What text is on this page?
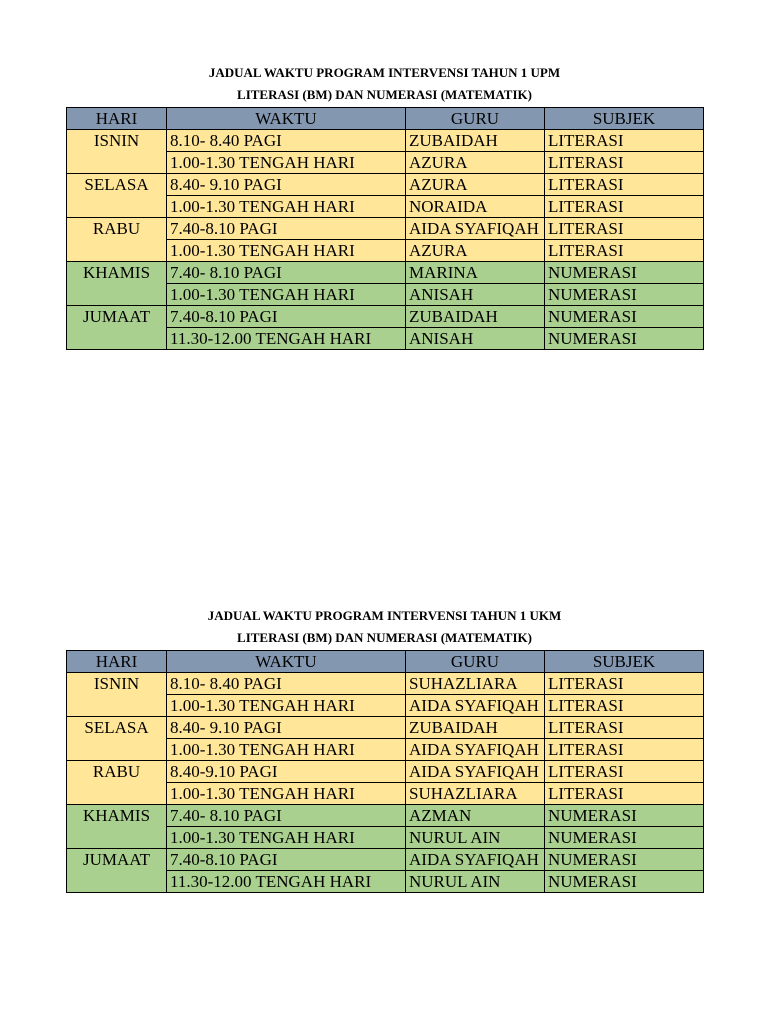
JADUAL WAKTU PROGRAM INTERVENSI TAHUN 1 UPM
LITERASI (BM) DAN NUMERASI (MATEMATIK)
HARI	WAKTU	GURU	SUBJEK
ISNIN	8.10- 8.40 PAGI	ZUBAIDAH	LITERASI
	1.00-1.30 TENGAH HARI	AZURA	LITERASI
SELASA	8.40- 9.10 PAGI	AZURA	LITERASI
	1.00-1.30 TENGAH HARI	NORAIDA	LITERASI
RABU	7.40-8.10 PAGI	AIDA SYAFIQAH	LITERASI
	1.00-1.30 TENGAH HARI	AZURA	LITERASI
KHAMIS	7.40- 8.10 PAGI	MARINA	NUMERASI
	1.00-1.30 TENGAH HARI	ANISAH	NUMERASI
JUMAAT	7.40-8.10 PAGI	ZUBAIDAH	NUMERASI
	11.30-12.00 TENGAH HARI	ANISAH	NUMERASI
JADUAL WAKTU PROGRAM INTERVENSI TAHUN 1 UKM
LITERASI (BM) DAN NUMERASI (MATEMATIK)
HARI	WAKTU	GURU	SUBJEK
ISNIN	8.10- 8.40 PAGI	SUHAZLIARA	LITERASI
	1.00-1.30 TENGAH HARI	AIDA SYAFIQAH	LITERASI
SELASA	8.40- 9.10 PAGI	ZUBAIDAH	LITERASI
	1.00-1.30 TENGAH HARI	AIDA SYAFIQAH	LITERASI
RABU	8.40-9.10 PAGI	AIDA SYAFIQAH	LITERASI
	1.00-1.30 TENGAH HARI	SUHAZLIARA	LITERASI
KHAMIS	7.40- 8.10 PAGI	AZMAN	NUMERASI
	1.00-1.30 TENGAH HARI	NURUL AIN	NUMERASI
JUMAAT	7.40-8.10 PAGI	AIDA SYAFIQAH	NUMERASI
	11.30-12.00 TENGAH HARI	NURUL AIN	NUMERASI
